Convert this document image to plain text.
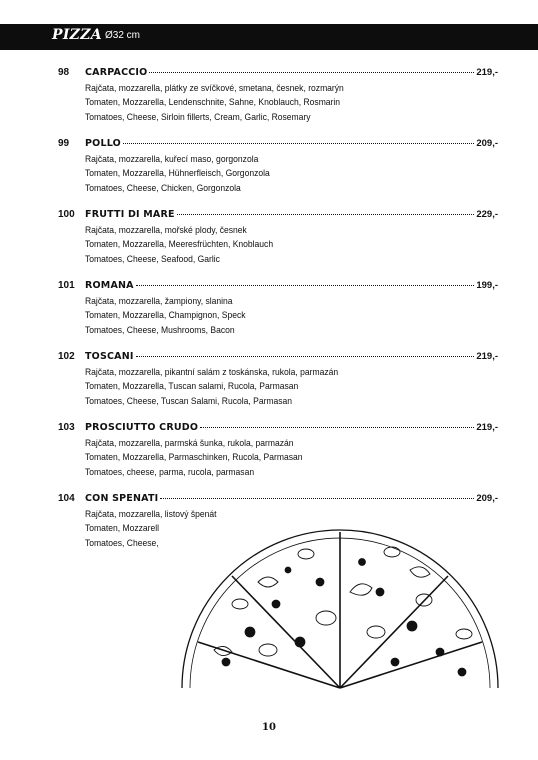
PIZZA Ø32 cm
98	CARPACCIO	219,-
Rajčata, mozzarella, plátky ze svíčkové, smetana, česnek, rozmarýn
Tomaten, Mozzarella, Lendenschnite, Sahne, Knoblauch, Rosmarin
Tomatoes, Cheese, Sirloin fillerts, Cream, Garlic, Rosemary
99	POLLO	209,-
Rajčata, mozzarella, kuřecí maso, gorgonzola
Tomaten, Mozzarella, Hühnerfleisch, Gorgonzola
Tomatoes, Cheese, Chicken, Gorgonzola
100	FRUTTI DI MARE	229,-
Rajčata, mozzarella, mořské plody, česnek
Tomaten, Mozzarella, Meeresfrüchten, Knoblauch
Tomatoes, Cheese, Seafood, Garlic
101	ROMANA	199,-
Rajčata, mozzarella, žampiony, slanina
Tomaten, Mozzarella, Champignon, Speck
Tomatoes, Cheese, Mushrooms, Bacon
102	TOSCANI	219,-
Rajčata, mozzarella, pikantní salám z toskánska, rukola, parmazán
Tomaten, Mozzarella, Tuscan salami, Rucola, Parmasan
Tomatoes, Cheese, Tuscan Salami, Rucola, Parmasan
103	PROSCIUTTO CRUDO	219,-
Rajčata, mozzarella, parmská šunka, rukola, parmazán
Tomaten, Mozzarella, Parmaschinken, Rucola, Parmasan
Tomatoes, cheese, parma, rucola, parmasan
104	CON SPENATI	209,-
Rajčata, mozzarella, listový špenát
Tomaten, Mozzarell
Tomatoes, Cheese,
10
